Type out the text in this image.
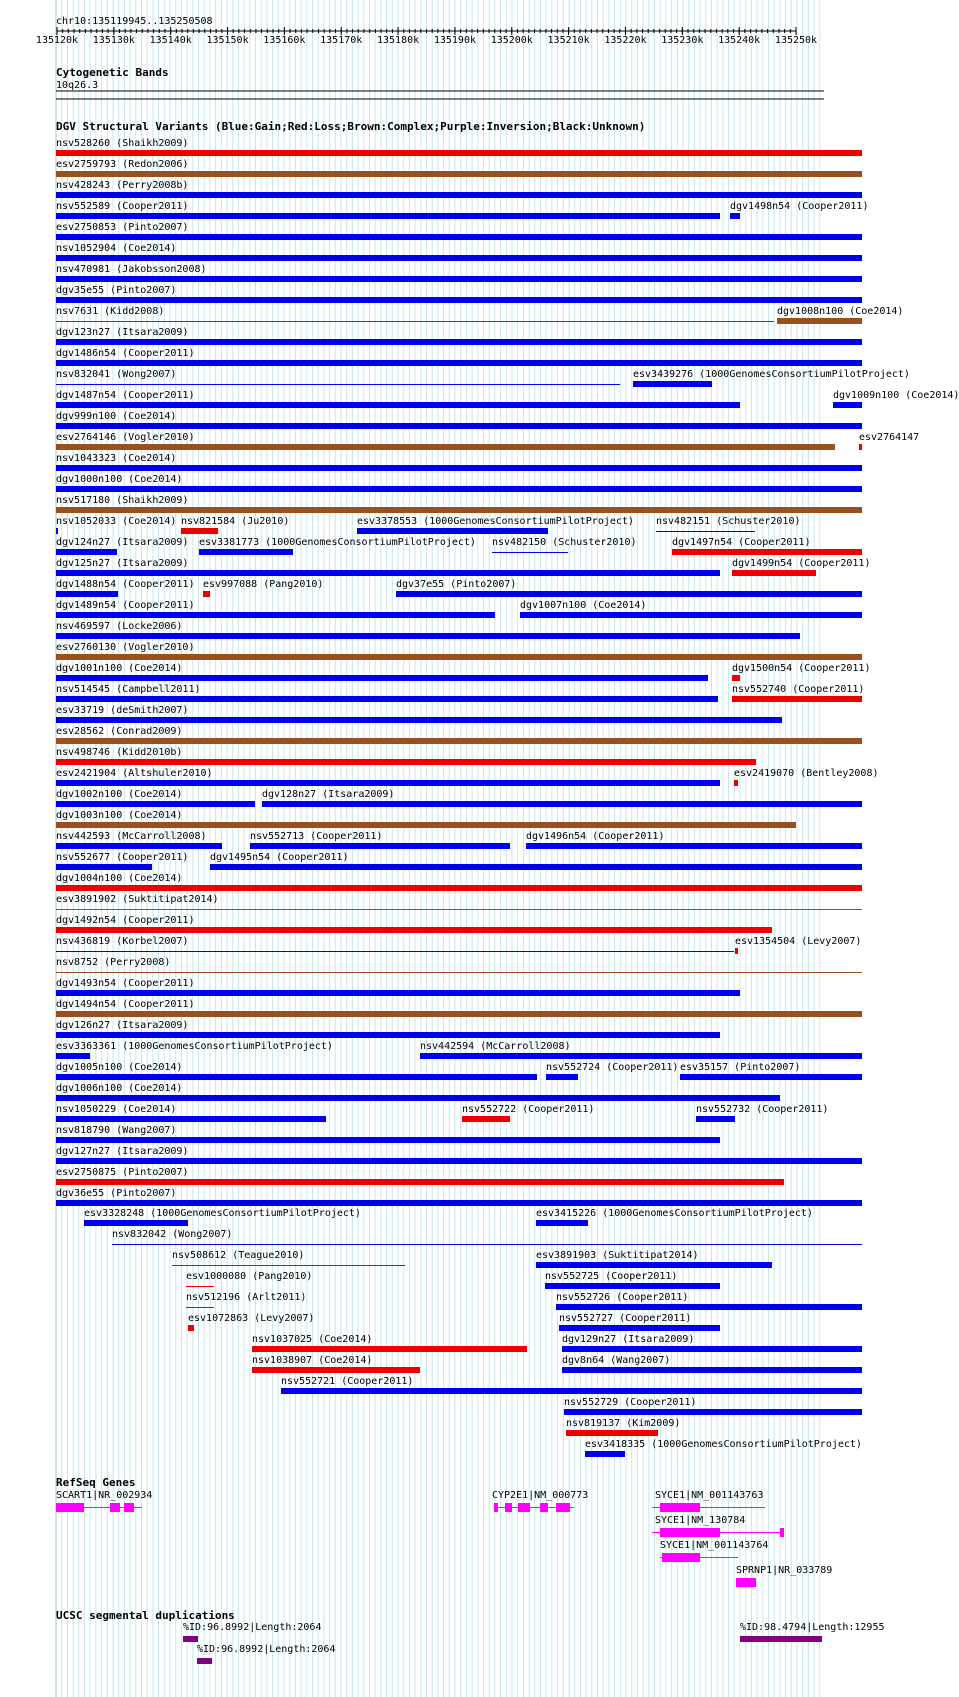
chr10:135119945..135250508
135120k	135130k	135140k	135150k	135160k	135170k	135180k	135190k	135200k	135210k	135220k	135230k	135240k	135250k
Cytogenetic Bands
10q26.3
DGV Structural Variants (Blue:Gain;Red:Loss;Brown:Complex;Purple:Inversion;Black:Unknown)
nsv528260 (Shaikh2009)
esv2759793 (Redon2006)
nsv428243 (Perry2008b)
nsv552589 (Cooper2011)	dgv1498n54 (Cooper2011)
esv2750853 (Pinto2007)
nsv1052904 (Coe2014)
nsv470981 (Jakobsson2008)
dgv35e55 (Pinto2007)
nsv7631 (Kidd2008)	dgv1008n100 (Coe2014)
dgv123n27 (Itsara2009)
dgv1486n54 (Cooper2011)
nsv832041 (Wong2007)	esv3439276 (1000GenomesConsortiumPilotProject)
dgv1487n54 (Cooper2011)	dgv1009n100 (Coe2014)
dgv999n100 (Coe2014)
esv2764146 (Vogler2010)	esv2764147
nsv1043323 (Coe2014)
dgv1000n100 (Coe2014)
nsv517180 (Shaikh2009)
nsv1052033 (Coe2014) nsv821584 (Ju2010)	esv3378553 (1000GenomesConsortiumPilotProject) nsv482151 (Schuster2010)
dgv124n27 (Itsara2009) esv3381773 (1000GenomesConsortiumPilotProject) nsv482150 (Schuster2010)	dgv1497n54 (Cooper2011)
dgv125n27 (Itsara2009)	dgv1499n54 (Cooper2011)
dgv1488n54 (Cooper2011) esv997088 (Pang2010)	dgv37e55 (Pinto2007)
dgv1489n54 (Cooper2011)	dgv1007n100 (Coe2014)
nsv469597 (Locke2006)
esv2760130 (Vogler2010)
dgv1001n100 (Coe2014)	dgv1500n54 (Cooper2011)
nsv514545 (Campbell2011)	nsv552740 (Cooper2011)
esv33719 (deSmith2007)
esv28562 (Conrad2009)
nsv498746 (Kidd2010b)
esv2421904 (Altshuler2010)	esv2419070 (Bentley2008)
dgv1002n100 (Coe2014)	dgv128n27 (Itsara2009)
dgv1003n100 (Coe2014)
nsv442593 (McCarroll2008)	nsv552713 (Cooper2011)	dgv1496n54 (Cooper2011)
nsv552677 (Cooper2011) dgv1495n54 (Cooper2011)
dgv1004n100 (Coe2014)
esv3891902 (Suktitipat2014)
dgv1492n54 (Cooper2011)
nsv436819 (Korbel2007)	esv1354504 (Levy2007)
nsv8752 (Perry2008)
dgv1493n54 (Cooper2011)
dgv1494n54 (Cooper2011)
dgv126n27 (Itsara2009)
esv3363361 (1000GenomesConsortiumPilotProject)	nsv442594 (McCarroll2008)
dgv1005n100 (Coe2014)	nsv552724 (Cooper2011) esv35157 (Pinto2007)
dgv1006n100 (Coe2014)
nsv1050229 (Coe2014)	nsv552722 (Cooper2011)	nsv552732 (Cooper2011)
nsv818790 (Wang2007)
dgv127n27 (Itsara2009)
esv2750875 (Pinto2007)
dgv36e55 (Pinto2007)
esv3328248 (1000GenomesConsortiumPilotProject)	esv3415226 (1000GenomesConsortiumPilotProject)
nsv832042 (Wong2007)
nsv508612 (Teague2010)	esv3891903 (Suktitipat2014)
esv1000080 (Pang2010)	nsv552725 (Cooper2011)
nsv512196 (Arlt2011)	nsv552726 (Cooper2011)
esv1072863 (Levy2007)	nsv552727 (Cooper2011)
nsv1037025 (Coe2014)	dgv129n27 (Itsara2009)
nsv1038907 (Coe2014)	dgv8n64 (Wang2007)
nsv552721 (Cooper2011)
nsv552729 (Cooper2011)
nsv819137 (Kim2009)
esv3418335 (1000GenomesConsortiumPilotProject)
RefSeq Genes
SCART1|NR_002934	CYP2E1|NM_000773	SYCE1|NM_001143763
SYCE1|NM_130784
SYCE1|NM_001143764
SPRNP1|NR_033789
UCSC segmental duplications
%ID:96.8992|Length:2064
%ID:96.8992|Length:2064
%ID:98.4794|Length:12955
